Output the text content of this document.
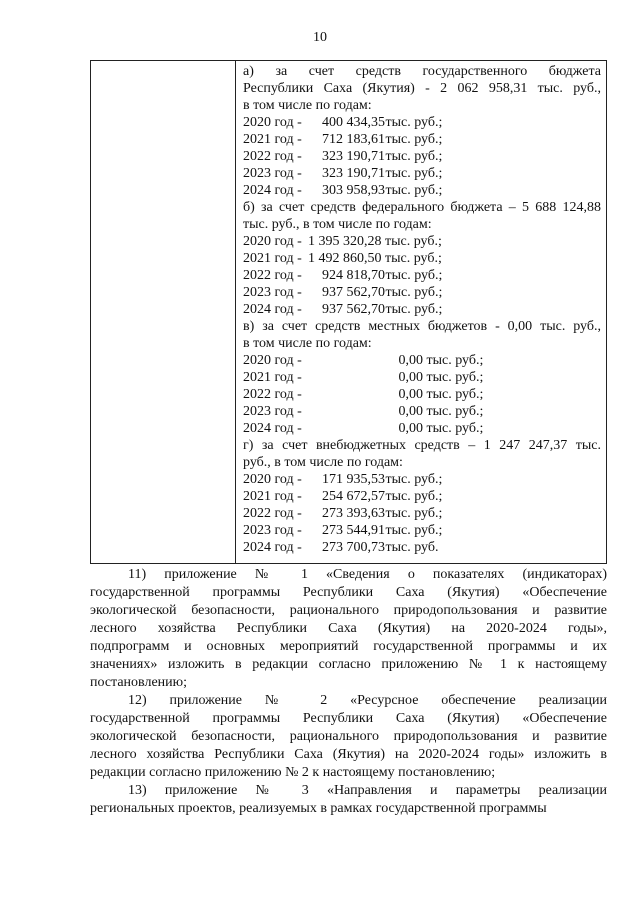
10
а) за счет средств государственного бюджета
Республики Саха (Якутия) - 2 062 958,31 тыс. руб.,
в том числе по годам:
2020 год - 400 434,35 тыс. руб.;
2021 год - 712 183,61 тыс. руб.;
2022 год - 323 190,71 тыс. руб.;
2023 год - 323 190,71 тыс. руб.;
2024 год - 303 958,93 тыс. руб.;
б) за счет средств федерального бюджета – 5 688 124,88
тыс. руб., в том числе по годам:
2020 год - 1 395 320,28 тыс. руб.;
2021 год - 1 492 860,50 тыс. руб.;
2022 год - 924 818,70 тыс. руб.;
2023 год - 937 562,70 тыс. руб.;
2024 год - 937 562,70 тыс. руб.;
в) за счет средств местных бюджетов - 0,00 тыс. руб.,
в том числе по годам:
2020 год -	0,00 тыс. руб.;
2021 год -	0,00 тыс. руб.;
2022 год -	0,00 тыс. руб.;
2023 год -	0,00 тыс. руб.;
2024 год -	0,00 тыс. руб.;
г) за счет внебюджетных средств – 1 247 247,37 тыс.
руб., в том числе по годам:
2020 год - 171 935,53 тыс. руб.;
2021 год - 254 672,57 тыс. руб.;
2022 год - 273 393,63 тыс. руб.;
2023 год - 273 544,91 тыс. руб.;
2024 год - 273 700,73 тыс. руб.
11) приложение № 1 «Сведения о показателях (индикаторах)
государственной программы Республики Саха (Якутия) «Обеспечение
экологической безопасности, рационального природопользования и развитие
лесного хозяйства Республики Саха (Якутия) на 2020-2024 годы»,
подпрограмм и основных мероприятий государственной программы и их
значениях» изложить в редакции согласно приложению № 1 к настоящему
постановлению;
12) приложение № 2 «Ресурсное обеспечение реализации
государственной программы Республики Саха (Якутия) «Обеспечение
экологической безопасности, рационального природопользования и развитие
лесного хозяйства Республики Саха (Якутия) на 2020-2024 годы» изложить в
редакции согласно приложению № 2 к настоящему постановлению;
13) приложение № 3 «Направления и параметры реализации
региональных проектов, реализуемых в рамках государственной программы
